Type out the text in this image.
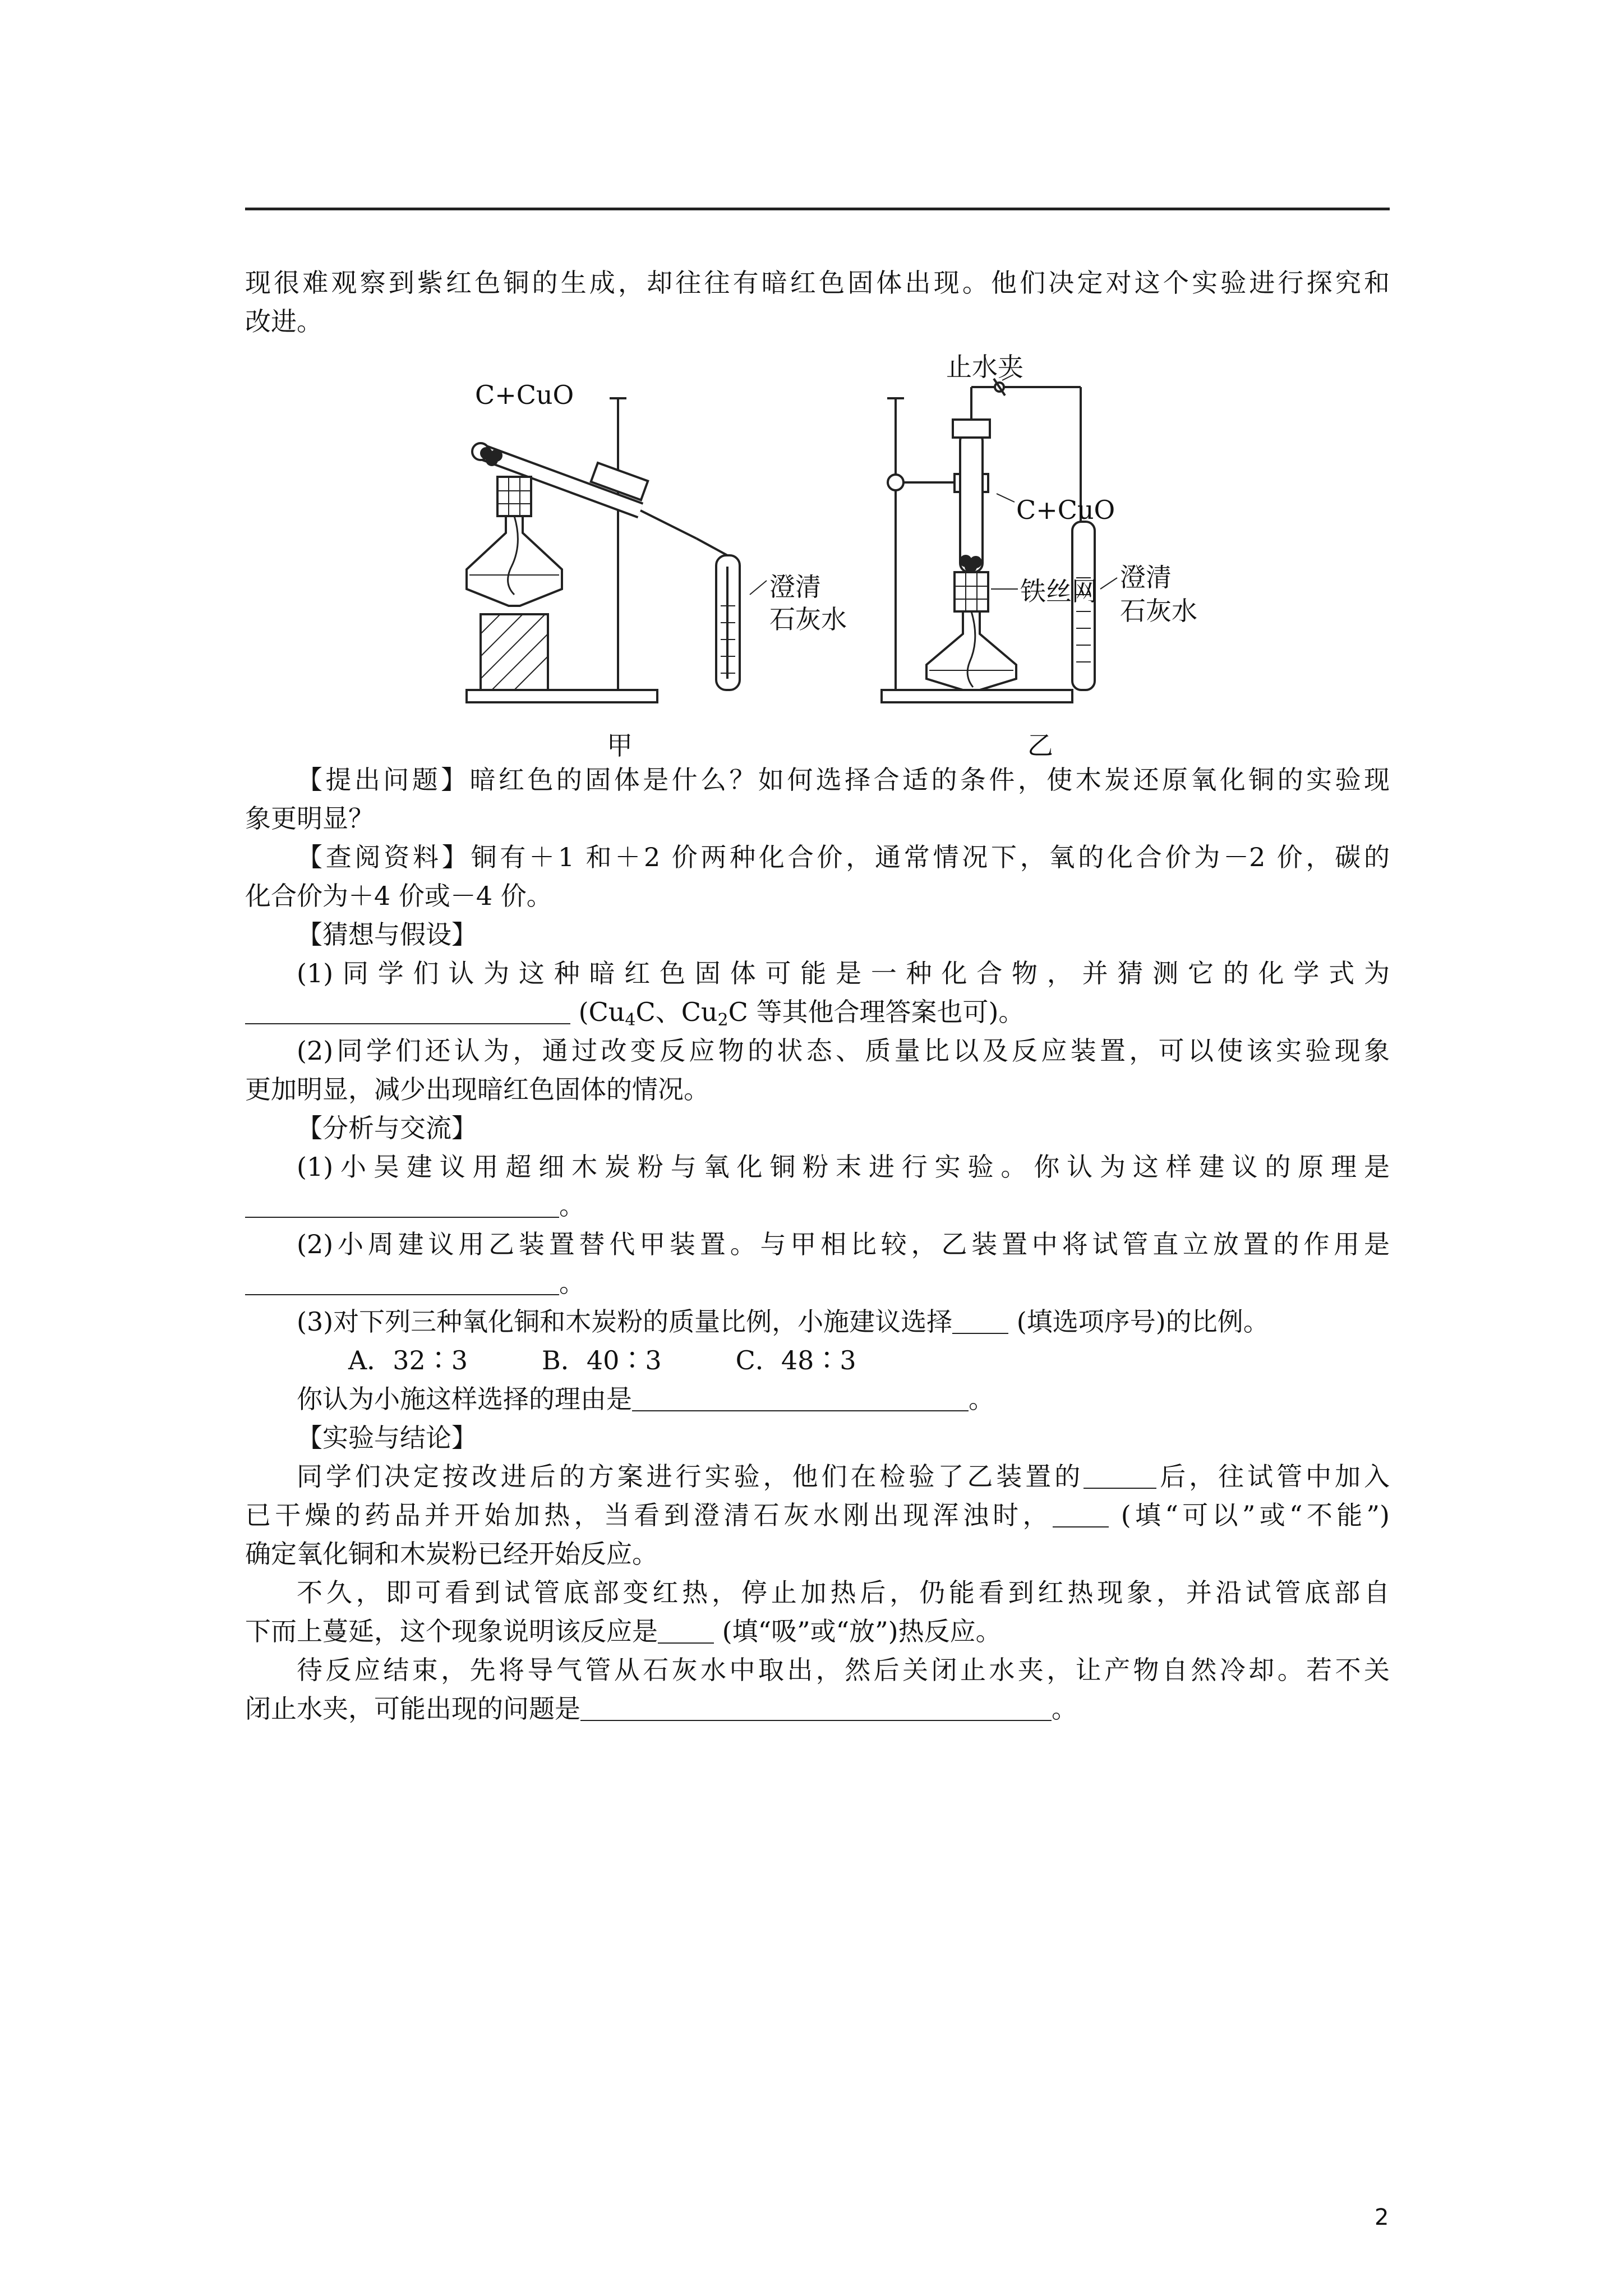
现很难观察到紫红色铜的生成，却往往有暗红色固体出现。他们决定对这个实验进行探究和

改进。

C+CuO
澄清
石灰水
甲
止水夹
C+CuO
铁丝网 澄清
石灰水
乙

【提出问题】暗红色的固体是什么？如何选择合适的条件，使木炭还原氧化铜的实验现

象更明显？

【查阅资料】铜有＋1 和＋2 价两种化合价，通常情况下，氧的化合价为－2 价，碳的

化合价为＋4 价或－4 价。

【猜想与假设】

(1)同学们认为这种暗红色固体可能是一种化合物，并猜测它的化学式为

($Cu_4C$、$Cu_2C$ 等其他合理答案也可)。

(2)同学们还认为，通过改变反应物的状态、质量比以及反应装置，可以使该实验现象

更加明显，减少出现暗红色固体的情况。

【分析与交流】

(1)小吴建议用超细木炭粉与氧化铜粉末进行实验。你认为这样建议的原理是

。

(2)小周建议用乙装置替代甲装置。与甲相比较，乙装置中将试管直立放置的作用是

。

(3)对下列三种氧化铜和木炭粉的质量比例，小施建议选择 (填选项序号)的比例。

A．32∶3	B．40∶3	C．48∶3

你认为小施这样选择的理由是	。

【实验与结论】

同学们决定按改进后的方案进行实验，他们在检验了乙装置的	后，往试管中加入

已干燥的药品并开始加热，当看到澄清石灰水刚出现浑浊时，	(填“可以”或“不能”)

确定氧化铜和木炭粉已经开始反应。

不久，即可看到试管底部变红热，停止加热后，仍能看到红热现象，并沿试管底部自

下而上蔓延，这个现象说明该反应是 (填“吸”或“放”)热反应。

待反应结束，先将导气管从石灰水中取出，然后关闭止水夹，让产物自然冷却。若不关

闭止水夹，可能出现的问题是	。

2
